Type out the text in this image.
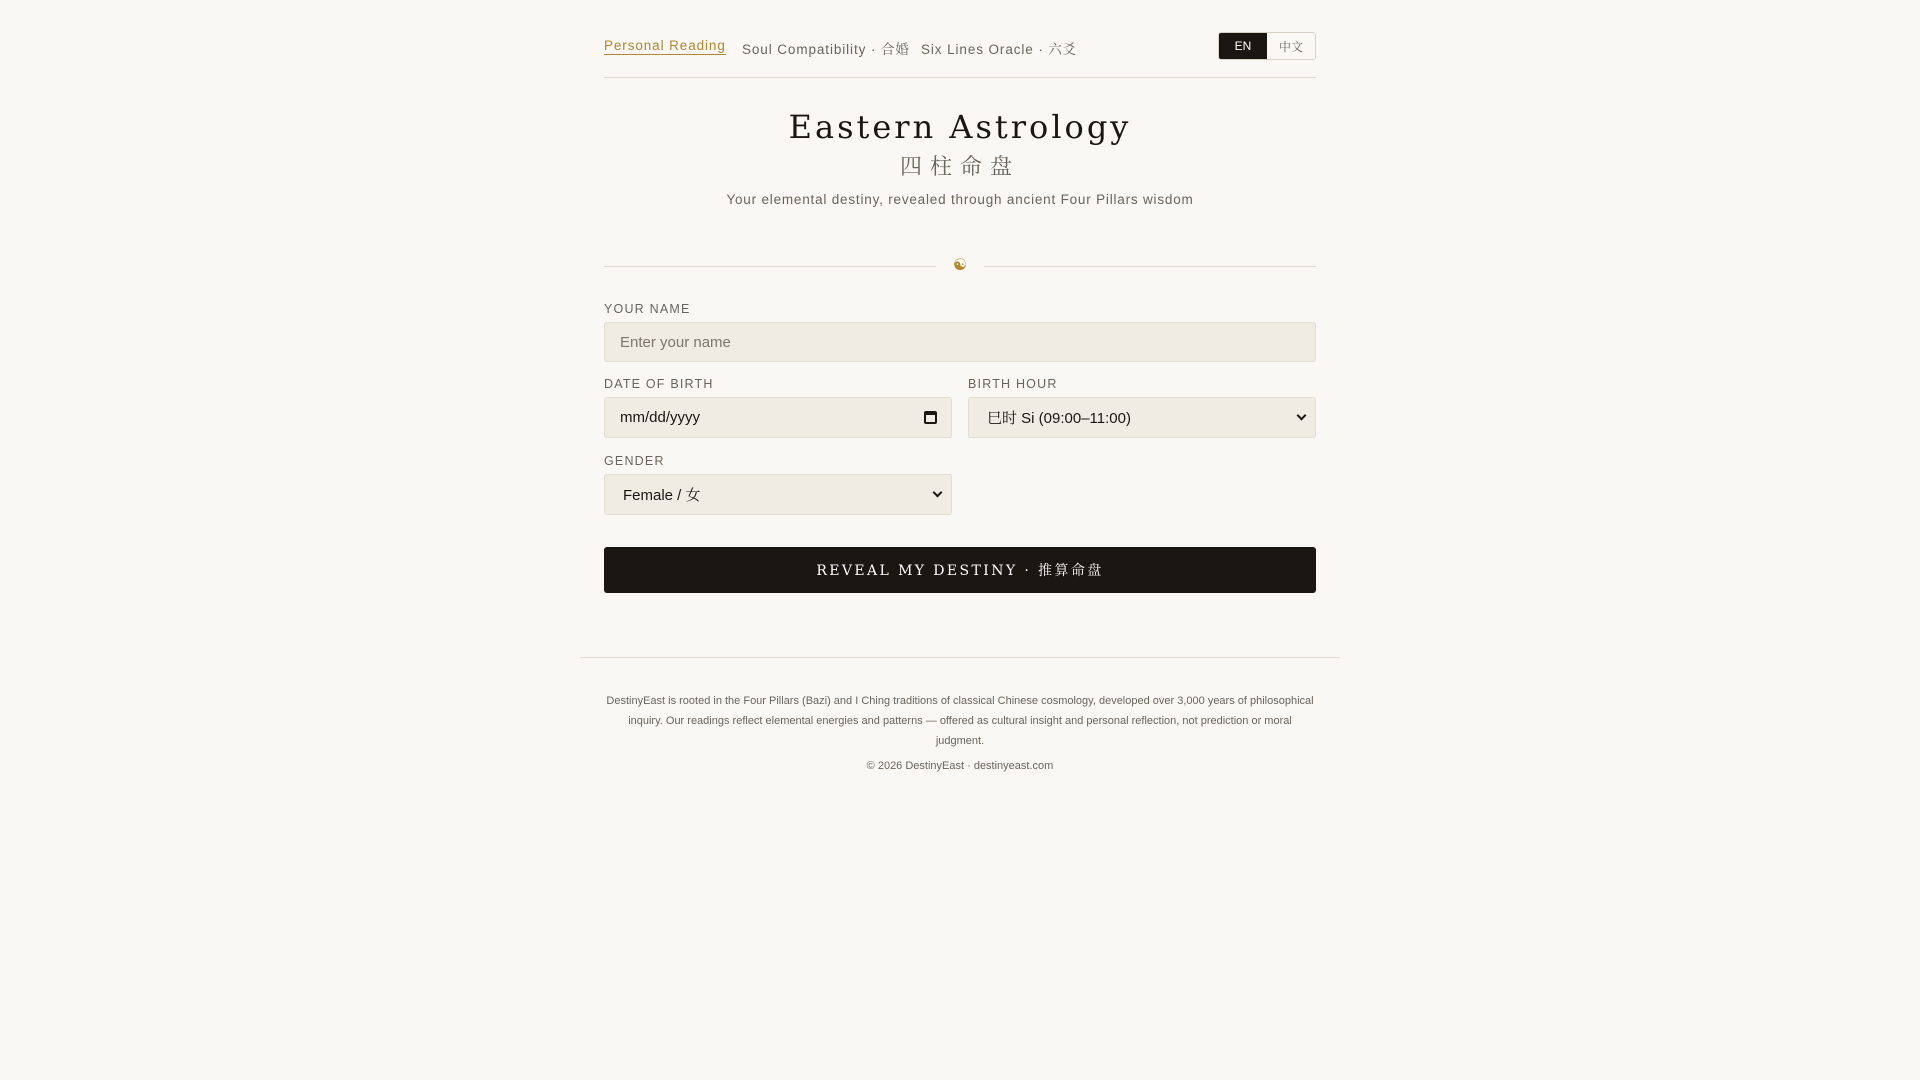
Personal Reading Soul Compatibility · 合婚 Six Lines Oracle · 六爻	EN	中文
Eastern Astrology
四柱命盘

Your elemental destiny, revealed through ancient Four Pillars wisdom

☯
YOUR NAME
Enter your name
DATE OF BIRTH
mm/dd/yyyy
BIRTH HOUR
巳时 Si (09:00–11:00)
GENDER
Female / 女
REVEAL MY DESTINY · 推算命盘

DestinyEast is rooted in the Four Pillars (Bazi) and I Ching traditions of classical Chinese cosmology, developed over 3,000 years of philosophical inquiry. Our readings reflect elemental energies and patterns — offered as cultural insight and personal reflection, not prediction or moral judgment.

© 2026 DestinyEast · destinyeast.com
